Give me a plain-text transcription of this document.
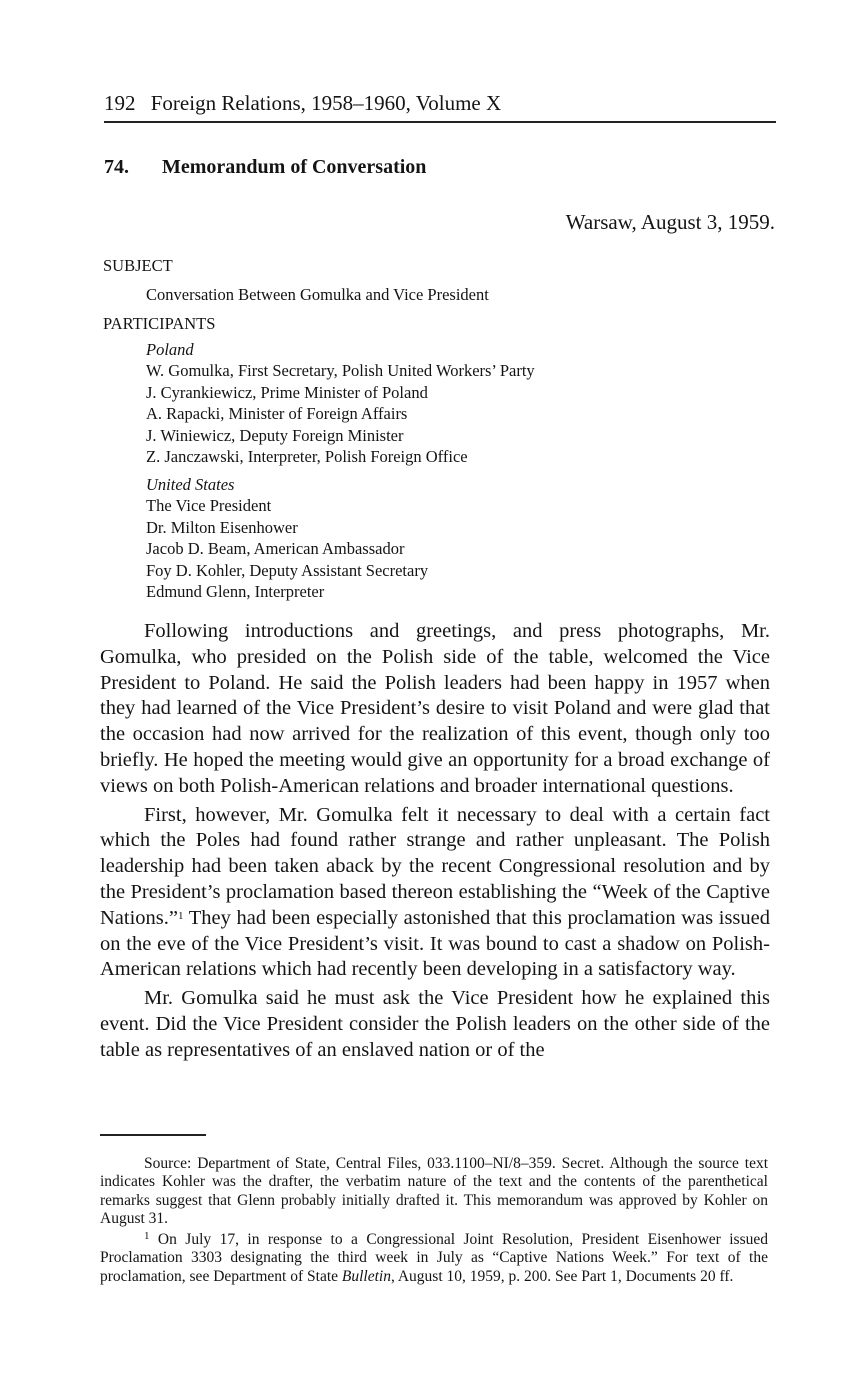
192 Foreign Relations, 1958–1960, Volume X
74. Memorandum of Conversation
Warsaw, August 3, 1959.
SUBJECT
Conversation Between Gomulka and Vice President
PARTICIPANTS
Poland
W. Gomulka, First Secretary, Polish United Workers’ Party
J. Cyrankiewicz, Prime Minister of Poland
A. Rapacki, Minister of Foreign Affairs
J. Winiewicz, Deputy Foreign Minister
Z. Janczawski, Interpreter, Polish Foreign Office
United States
The Vice President
Dr. Milton Eisenhower
Jacob D. Beam, American Ambassador
Foy D. Kohler, Deputy Assistant Secretary
Edmund Glenn, Interpreter

Following introductions and greetings, and press photographs, Mr. Gomulka, who presided on the Polish side of the table, welcomed the Vice President to Poland. He said the Polish leaders had been happy in 1957 when they had learned of the Vice President’s desire to visit Poland and were glad that the occasion had now arrived for the realization of this event, though only too briefly. He hoped the meeting would give an opportunity for a broad exchange of views on both Polish-American relations and broader international questions.

First, however, Mr. Gomulka felt it necessary to deal with a certain fact which the Poles had found rather strange and rather unpleasant. The Polish leadership had been taken aback by the recent Congressional resolution and by the President’s proclamation based thereon establishing the “Week of the Captive Nations.”$^1$ They had been especially astonished that this proclamation was issued on the eve of the Vice President’s visit. It was bound to cast a shadow on Polish-American relations which had recently been developing in a satisfactory way.

Mr. Gomulka said he must ask the Vice President how he explained this event. Did the Vice President consider the Polish leaders on the other side of the table as representatives of an enslaved nation or of the

Source: Department of State, Central Files, 033.1100–NI/8–359. Secret. Although the source text indicates Kohler was the drafter, the verbatim nature of the text and the contents of the parenthetical remarks suggest that Glenn probably initially drafted it. This memorandum was approved by Kohler on August 31.

$^1$ On July 17, in response to a Congressional Joint Resolution, President Eisenhower issued Proclamation 3303 designating the third week in July as “Captive Nations Week.” For text of the proclamation, see Department of State Bulletin, August 10, 1959, p. 200. See Part 1, Documents 20 ff.
